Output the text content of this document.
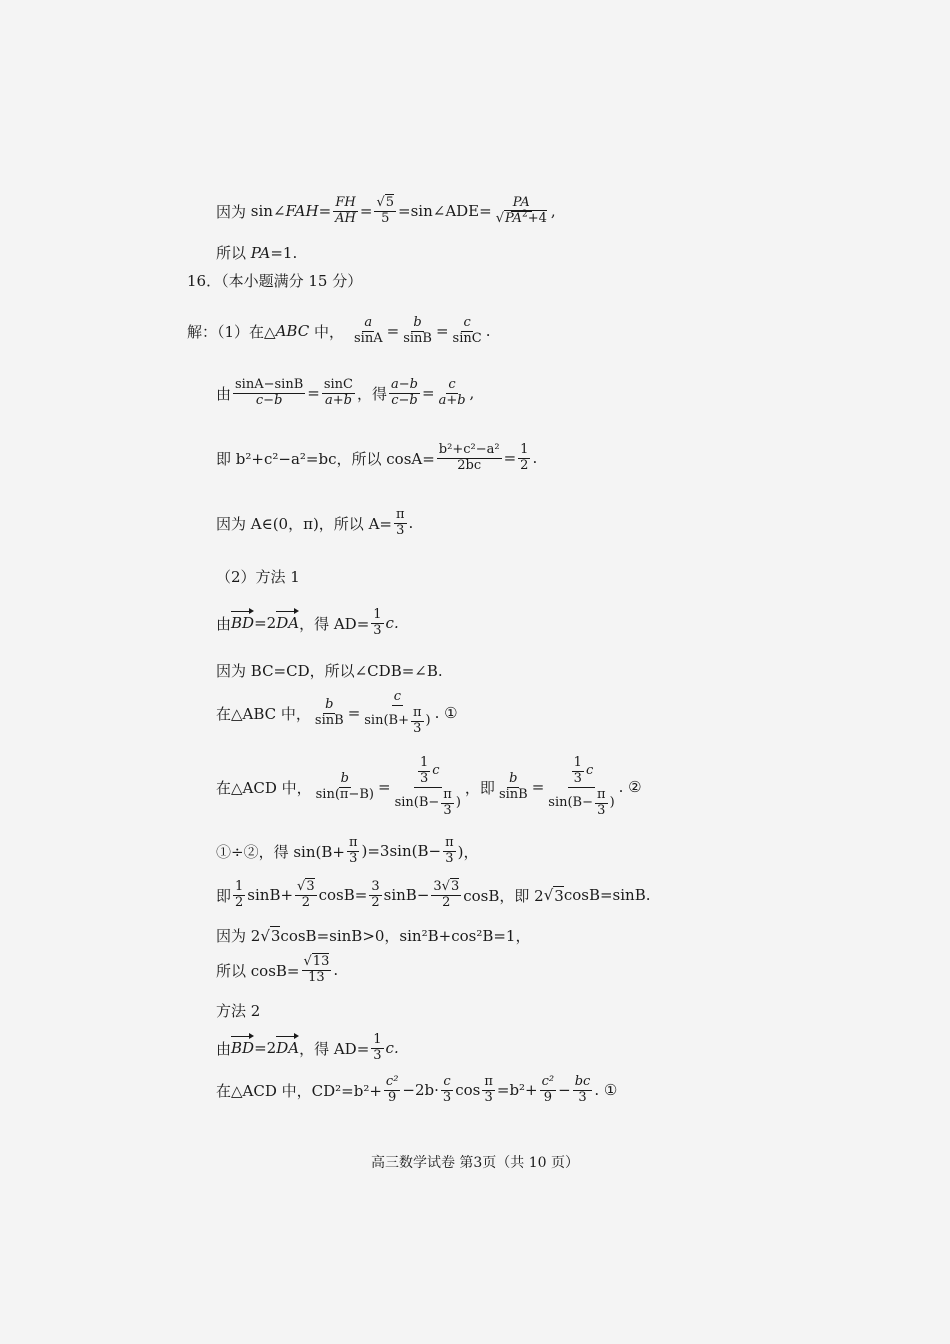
因为
sin∠ FAH = $\frac{FH}{AH}$ = √ $\frac{5}{5}$ =sin∠ADE= PA
√ $PA^2+4$ ,
所以
PA =1.
16．（本小题满分 15 分）
解：（1）在△ ABC
中， $\frac{a}{\sin A} = \frac{b}{\sin B} = \frac{c}{\sin C}$ .
由 $\frac{\sin A-\sin B}{c-b} = \frac{\sin C}{a+b}$ ，得 $\frac{a-b}{c-b} = \frac{c}{a+b}$ ,
即
b²+c²−a²=bc，所以 $\cos A= \frac{\text{b²+c²−a²}}{2bc} = \frac{1}{2}$ .
因为 A∈(0，π)，所以 $A= \frac{\pi}{3}$ .
（2）方法 1
由 BD =2 DA ，得 $AD= \frac{1}{3} c$.
因为 BC=CD，所以∠CDB=∠B.
在△ABC 中， $\frac{b}{\sin B} = \frac{c}{\sin(B+ \frac{\pi}{3} )}$ . ①
在△ACD 中， $\frac{b}{\sin(\pi-B)} = \frac{\frac{1}{3} c}{\sin(B- \frac{\pi}{3} )}$ ，即 $\frac{b}{\sin B} = \frac{\frac{1}{3} c}{\sin(B- \frac{\pi}{3} )}$ . ②
①÷②，得 $\sin(B+ \frac{\pi}{3} )=3\sin(B- \frac{\pi}{3}$ )，
即 $\frac{1}{2} \sin B+$ √ $\frac{3}{2} \cos B= \frac{3}{2} \sin B- \frac{3 √ 3}{2}$ cosB，即 2 √ 3 cosB=sinB.
因为 2 √ 3 cosB=sinB>0，sin²B+cos²B=1，
所以 cosB= √ $\frac{13}{13}$ .
方法 2
由 BD =2 DA ，得 $AD= \frac{1}{3} c$.
在△ACD 中，$CD^2=b^2+ \frac{\text{c²}}{9} -2b\cdot \frac{c}{3}$ $\cos \frac{\pi}{3} =b^2+ \frac{\text{c²}}{9} - \frac{bc}{3}$ . ①
高三数学试卷 第3页（共 10 页）
